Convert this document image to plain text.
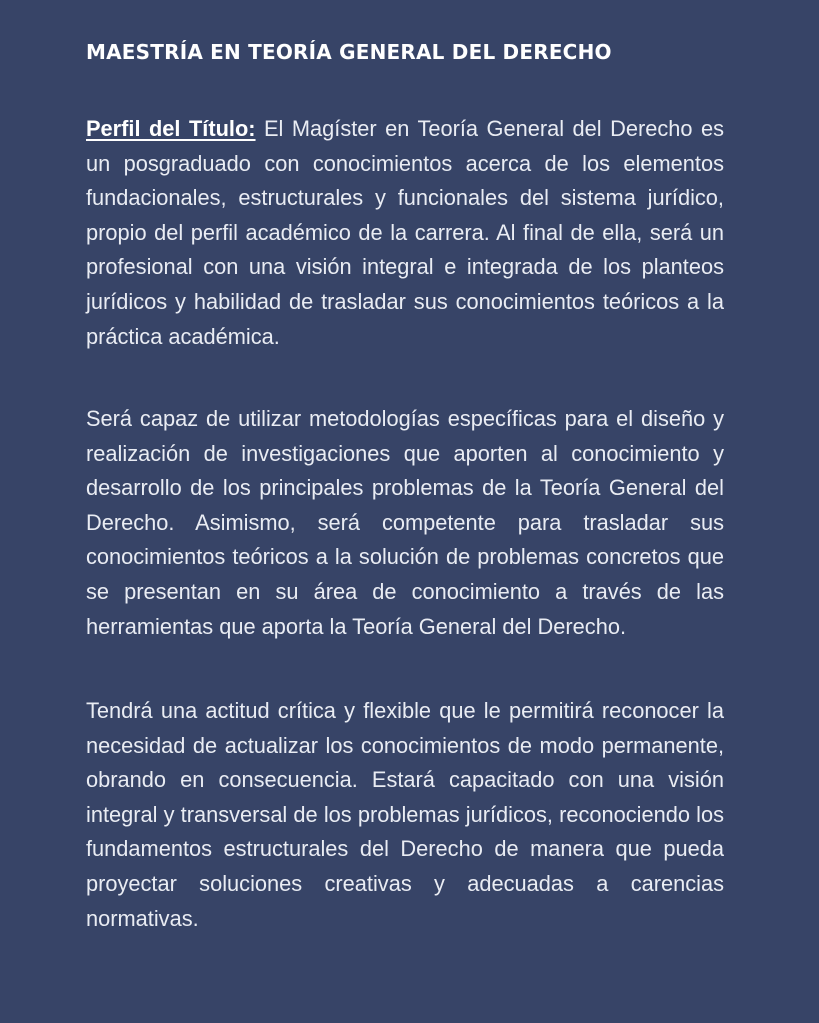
MAESTRÍA EN TEORÍA GENERAL DEL DERECHO

Perfil del Título: El Magíster en Teoría General del Derecho es un posgraduado con conocimientos acerca de los elementos fundacionales, estructurales y funcionales del sistema jurídico, propio del perfil académico de la carrera. Al final de ella, será un profesional con una visión integral e integrada de los planteos jurídicos y habilidad de trasladar sus conocimientos teóricos a la práctica académica.

Será capaz de utilizar metodologías específicas para el diseño y realización de investigaciones que aporten al conocimiento y desarrollo de los principales problemas de la Teoría General del Derecho. Asimismo, será competente para trasladar sus conocimientos teóricos a la solución de problemas concretos que se presentan en su área de conocimiento a través de las herramientas que aporta la Teoría General del Derecho.

Tendrá una actitud crítica y flexible que le permitirá reconocer la necesidad de actualizar los conocimientos de modo permanente, obrando en consecuencia. Estará capacitado con una visión integral y transversal de los problemas jurídicos, reconociendo los fundamentos estructurales del Derecho de manera que pueda proyectar soluciones creativas y adecuadas a carencias normativas.
